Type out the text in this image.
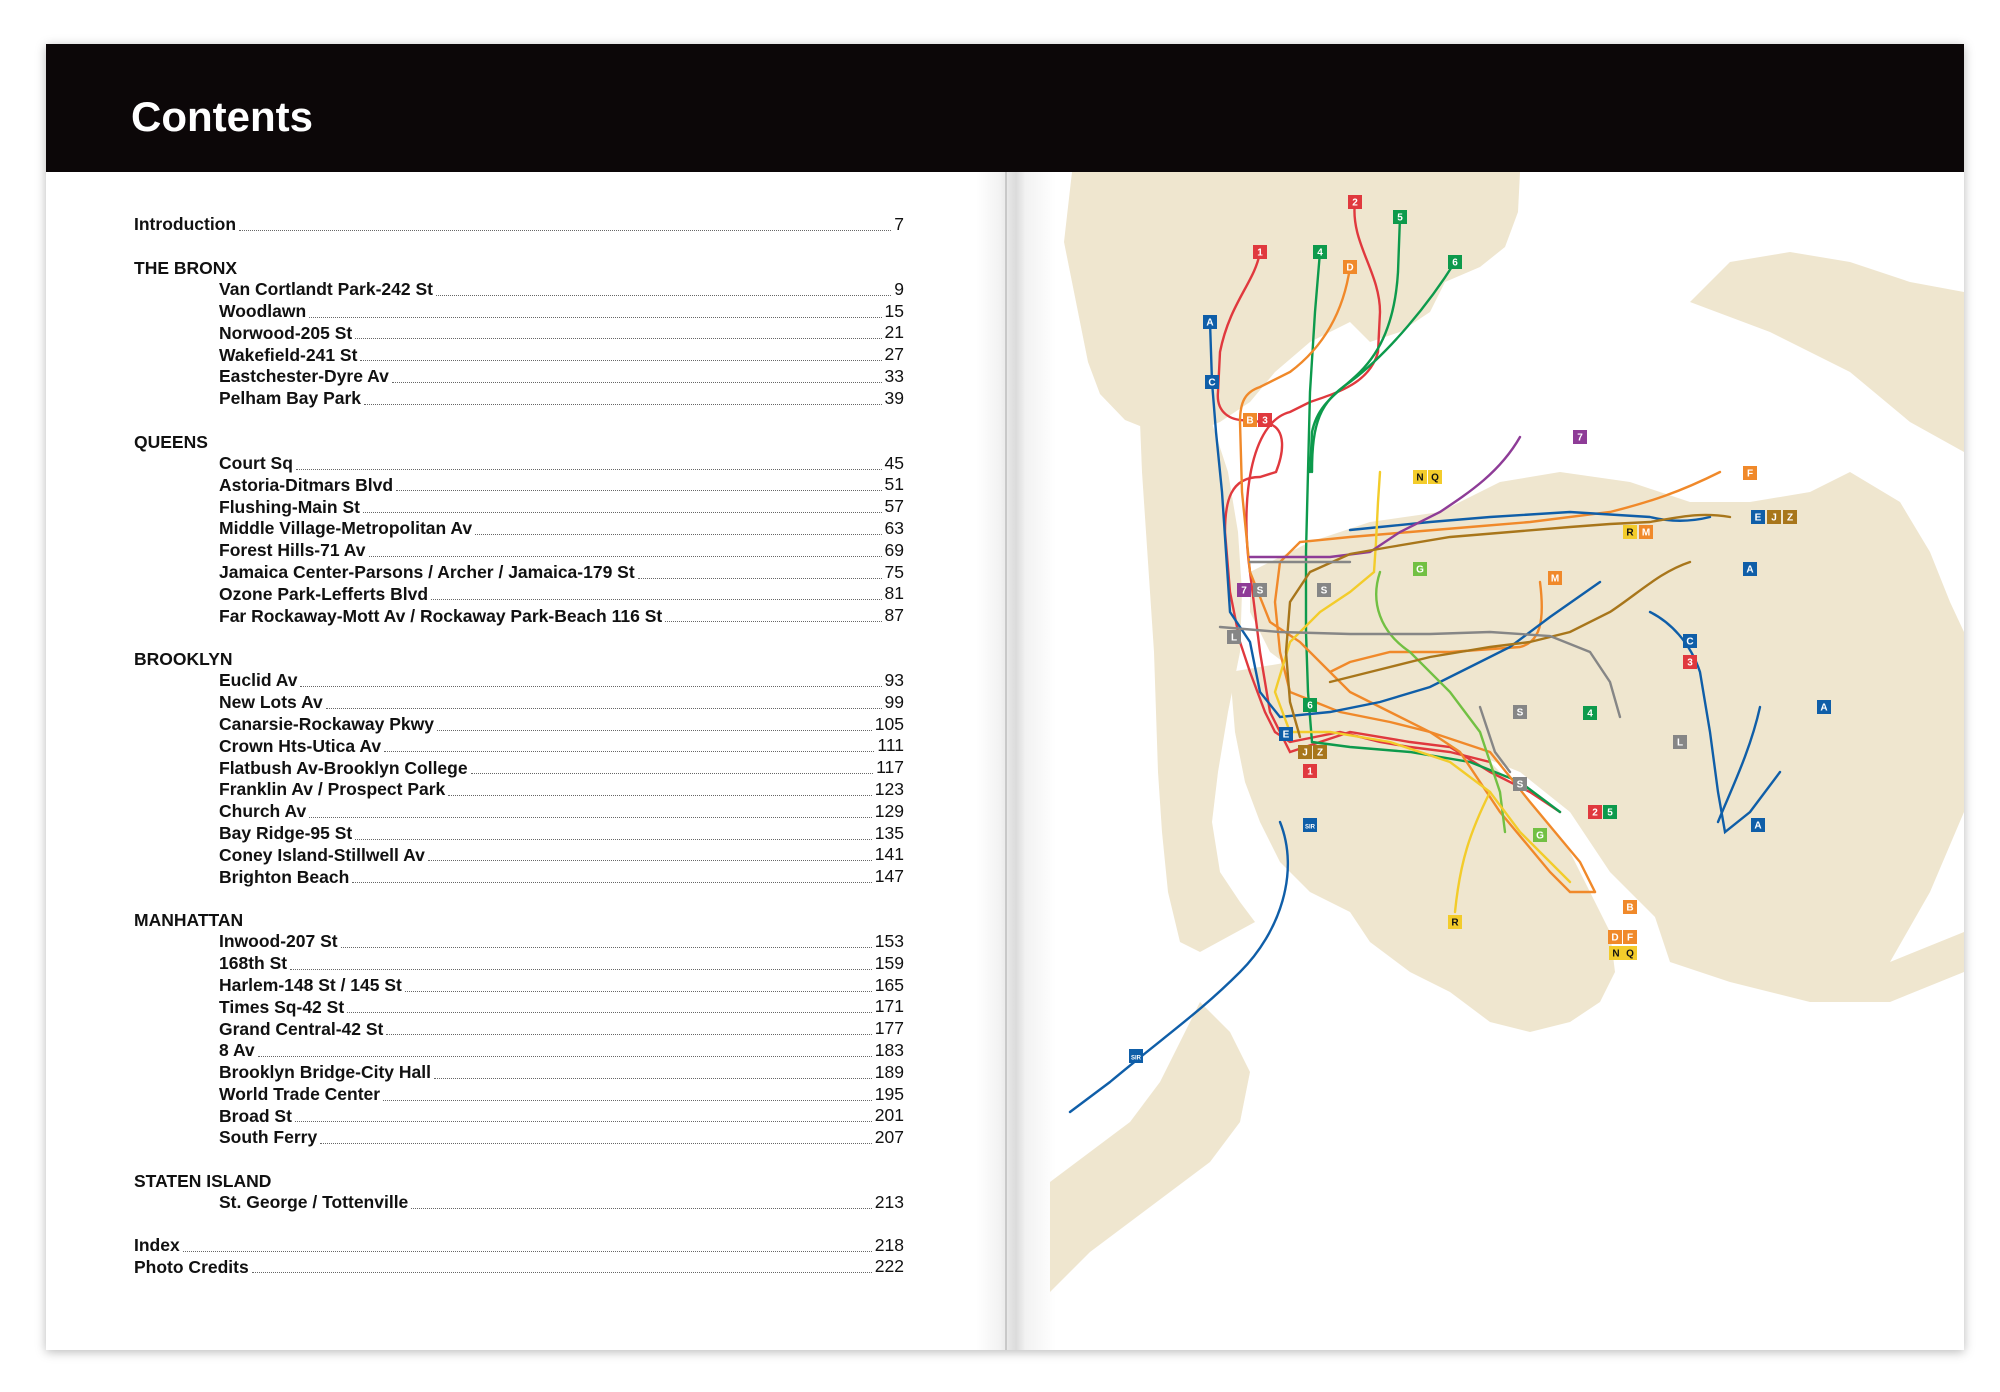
Contents
Introduction	7
THE BRONX
Van Cortlandt Park-242 St	9
Woodlawn	15
Norwood-205 St	21
Wakefield-241 St	27
Eastchester-Dyre Av	33
Pelham Bay Park	39
QUEENS
Court Sq	45
Astoria-Ditmars Blvd	51
Flushing-Main St	57
Middle Village-Metropolitan Av	63
Forest Hills-71 Av	69
Jamaica Center-Parsons / Archer / Jamaica-179 St	75
Ozone Park-Lefferts Blvd	81
Far Rockaway-Mott Av / Rockaway Park-Beach 116 St	87
BROOKLYN
Euclid Av	93
New Lots Av	99
Canarsie-Rockaway Pkwy	105
Crown Hts-Utica Av	111
Flatbush Av-Brooklyn College	117
Franklin Av / Prospect Park	123
Church Av	129
Bay Ridge-95 St	135
Coney Island-Stillwell Av	141
Brighton Beach	147
MANHATTAN
Inwood-207 St	153
168th St	159
Harlem-148 St / 145 St	165
Times Sq-42 St	171
Grand Central-42 St	177
8 Av	183
Brooklyn Bridge-City Hall	189
World Trade Center	195
Broad St	201
South Ferry	207
STATEN ISLAND
St. George / Tottenville	213
Index	218
Photo Credits	222
2
5
1	4
D	6
A
C
B 3
7
N Q	F
R M
E J Z
G	A
M
7 S	S
L	C
3
A
6
S	4
E
L
J Z
1
S
2 5
SIR	A
G
B
R
D F
N Q
SIR
